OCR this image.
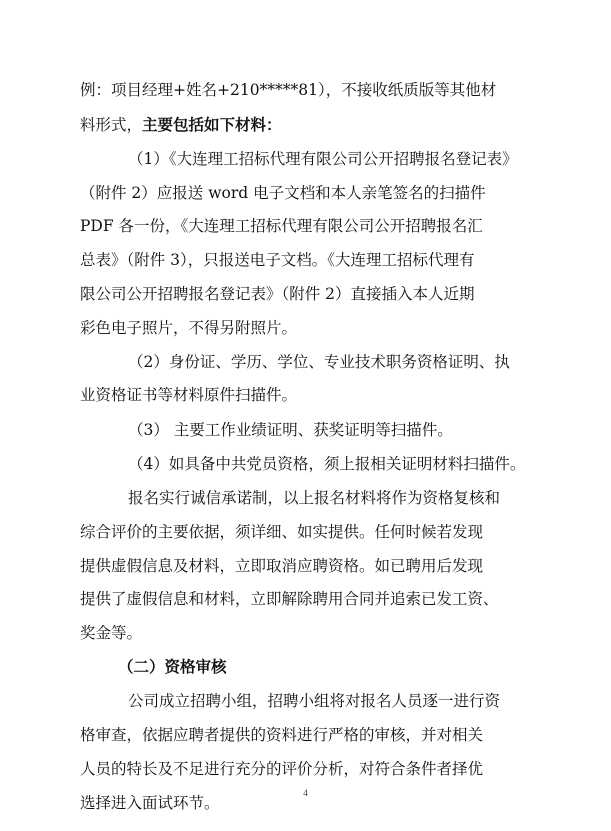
例：项目经理+姓名+210*****81），不接收纸质版等其他材
料形式，主要包括如下材料：
（1）《大连理工招标代理有限公司公开招聘报名登记表》
（附件 2）应报送 word 电子文档和本人亲笔签名的扫描件
PDF 各一份，《大连理工招标代理有限公司公开招聘报名汇
总表》（附件 3），只报送电子文档。《大连理工招标代理有
限公司公开招聘报名登记表》（附件 2）直接插入本人近期
彩色电子照片，不得另附照片。
（2）身份证、学历、学位、专业技术职务资格证明、执
业资格证书等材料原件扫描件。
（3） 主要工作业绩证明、获奖证明等扫描件。
（4）如具备中共党员资格，须上报相关证明材料扫描件。
报名实行诚信承诺制，以上报名材料将作为资格复核和
综合评价的主要依据，须详细、如实提供。任何时候若发现
提供虚假信息及材料，立即取消应聘资格。如已聘用后发现
提供了虚假信息和材料，立即解除聘用合同并追索已发工资、
奖金等。
（二）资格审核
公司成立招聘小组，招聘小组将对报名人员逐一进行资
格审查，依据应聘者提供的资料进行严格的审核，并对相关
人员的特长及不足进行充分的评价分析，对符合条件者择优
选择进入面试环节。
4
